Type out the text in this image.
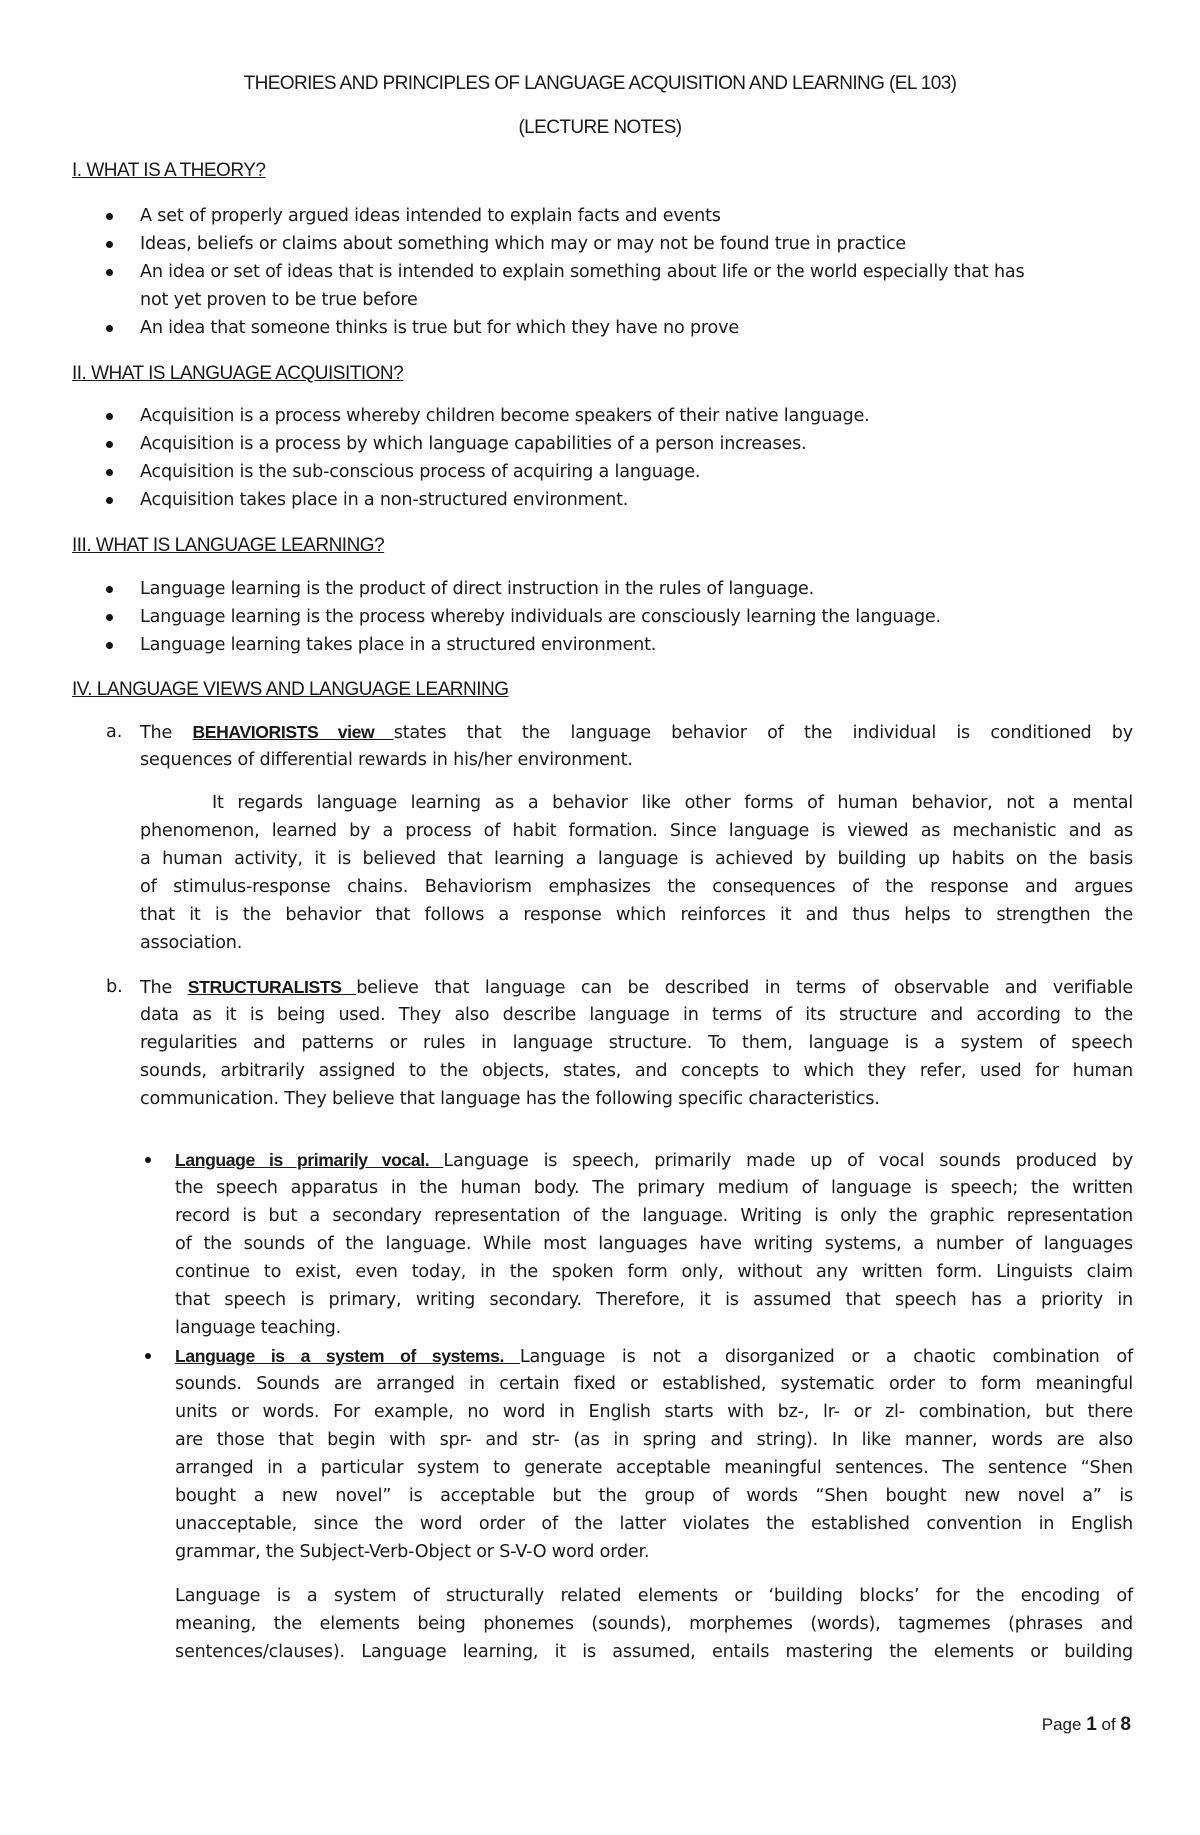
THEORIES AND PRINCIPLES OF LANGUAGE ACQUISITION AND LEARNING (EL 103)
(LECTURE NOTES)
I. WHAT IS A THEORY?
A set of properly argued ideas intended to explain facts and events
Ideas, beliefs or claims about something which may or may not be found true in practice
An idea or set of ideas that is intended to explain something about life or the world especially that has
not yet proven to be true before
An idea that someone thinks is true but for which they have no prove
II. WHAT IS LANGUAGE ACQUISITION?
Acquisition is a process whereby children become speakers of their native language.
Acquisition is a process by which language capabilities of a person increases.
Acquisition is the sub-conscious process of acquiring a language.
Acquisition takes place in a non-structured environment.
III. WHAT IS LANGUAGE LEARNING?
Language learning is the product of direct instruction in the rules of language.
Language learning is the process whereby individuals are consciously learning the language.
Language learning takes place in a structured environment.
IV. LANGUAGE VIEWS AND LANGUAGE LEARNING
a. The BEHAVIORISTS view states that the language behavior of the individual is conditioned by
sequences of differential rewards in his/her environment.
It regards language learning as a behavior like other forms of human behavior, not a mental
phenomenon, learned by a process of habit formation. Since language is viewed as mechanistic and as
a human activity, it is believed that learning a language is achieved by building up habits on the basis
of stimulus-response chains. Behaviorism emphasizes the consequences of the response and argues
that it is the behavior that follows a response which reinforces it and thus helps to strengthen the
association.
b. The STRUCTURALISTS believe that language can be described in terms of observable and verifiable
data as it is being used. They also describe language in terms of its structure and according to the
regularities and patterns or rules in language structure. To them, language is a system of speech
sounds, arbitrarily assigned to the objects, states, and concepts to which they refer, used for human
communication. They believe that language has the following specific characteristics.
Language is primarily vocal. Language is speech, primarily made up of vocal sounds produced by
the speech apparatus in the human body. The primary medium of language is speech; the written
record is but a secondary representation of the language. Writing is only the graphic representation
of the sounds of the language. While most languages have writing systems, a number of languages
continue to exist, even today, in the spoken form only, without any written form. Linguists claim
that speech is primary, writing secondary. Therefore, it is assumed that speech has a priority in
language teaching.
Language is a system of systems. Language is not a disorganized or a chaotic combination of
sounds. Sounds are arranged in certain fixed or established, systematic order to form meaningful
units or words. For example, no word in English starts with bz-, lr- or zl- combination, but there
are those that begin with spr- and str- (as in spring and string). In like manner, words are also
arranged in a particular system to generate acceptable meaningful sentences. The sentence “Shen
bought a new novel” is acceptable but the group of words “Shen bought new novel a” is
unacceptable, since the word order of the latter violates the established convention in English
grammar, the Subject-Verb-Object or S-V-O word order.
Language is a system of structurally related elements or ‘building blocks’ for the encoding of
meaning, the elements being phonemes (sounds), morphemes (words), tagmemes (phrases and
sentences/clauses). Language learning, it is assumed, entails mastering the elements or building
Page 1 of 8
